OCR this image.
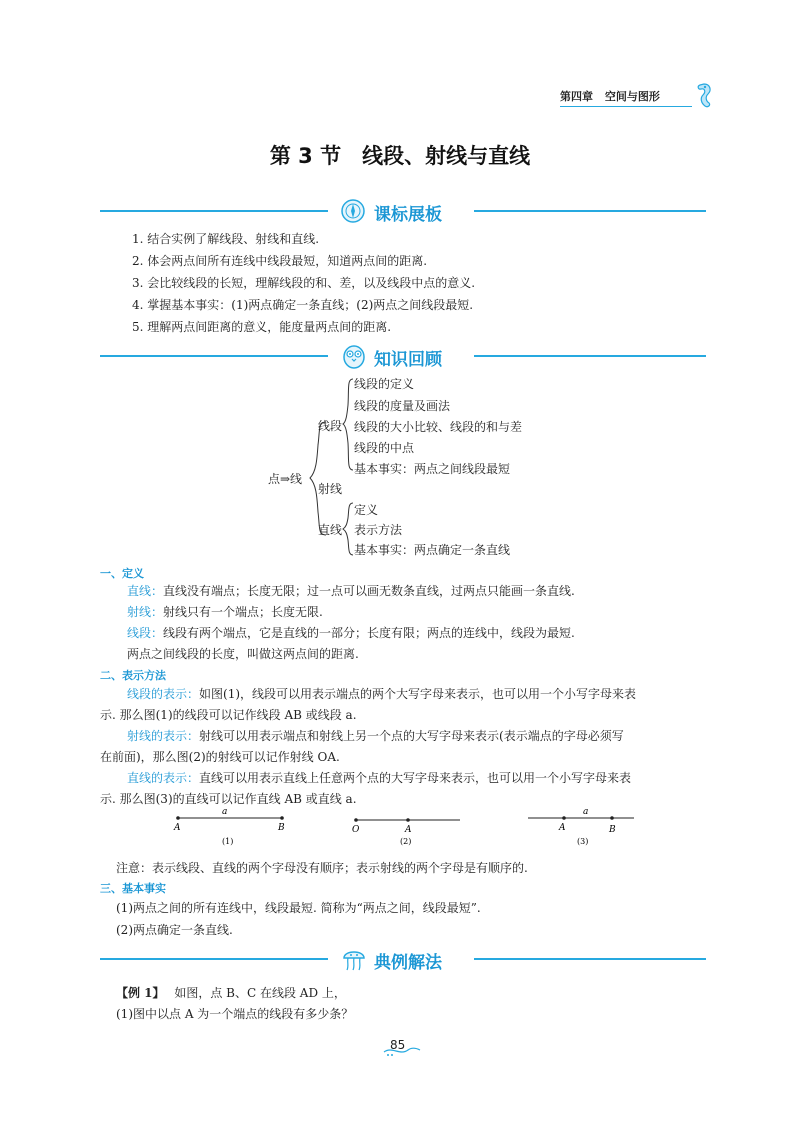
第四章 空间与图形
第 3 节　线段、射线与直线
课标展板
1. 结合实例了解线段、射线和直线.
2. 体会两点间所有连线中线段最短，知道两点间的距离.
3. 会比较线段的长短，理解线段的和、差，以及线段中点的意义.
4. 掌握基本事实：(1)两点确定一条直线；(2)两点之间线段最短.
5. 理解两点间距离的意义，能度量两点间的距离.
知识回顾
点⇒线
线段
射线
直线
线段的定义
线段的度量及画法
线段的大小比较、线段的和与差
线段的中点
基本事实：两点之间线段最短
定义
表示方法
基本事实：两点确定一条直线
一、定义
直线：直线没有端点；长度无限；过一点可以画无数条直线，过两点只能画一条直线.
射线：射线只有一个端点；长度无限.
线段：线段有两个端点，它是直线的一部分；长度有限；两点的连线中，线段为最短.
两点之间线段的长度，叫做这两点间的距离.
二、表示方法
线段的表示：如图(1)，线段可以用表示端点的两个大写字母来表示，也可以用一个小写字母来表
示. 那么图(1)的线段可以记作线段 AB 或线段 a.
射线的表示：射线可以用表示端点和射线上另一个点的大写字母来表示(表示端点的字母必须写
在前面)，那么图(2)的射线可以记作射线 OA.
直线的表示：直线可以用表示直线上任意两个点的大写字母来表示，也可以用一个小写字母来表
示. 那么图(3)的直线可以记作直线 AB 或直线 a.
a
A	B
(1)
O	A
(2)
a
A	B
(3)
注意：表示线段、直线的两个字母没有顺序；表示射线的两个字母是有顺序的.
三、基本事实
(1)两点之间的所有连线中，线段最短. 简称为“两点之间，线段最短”.
(2)两点确定一条直线.
典例解法
【例 1】 如图，点 B、C 在线段 AD 上，
(1)图中以点 A 为一个端点的线段有多少条？
85
